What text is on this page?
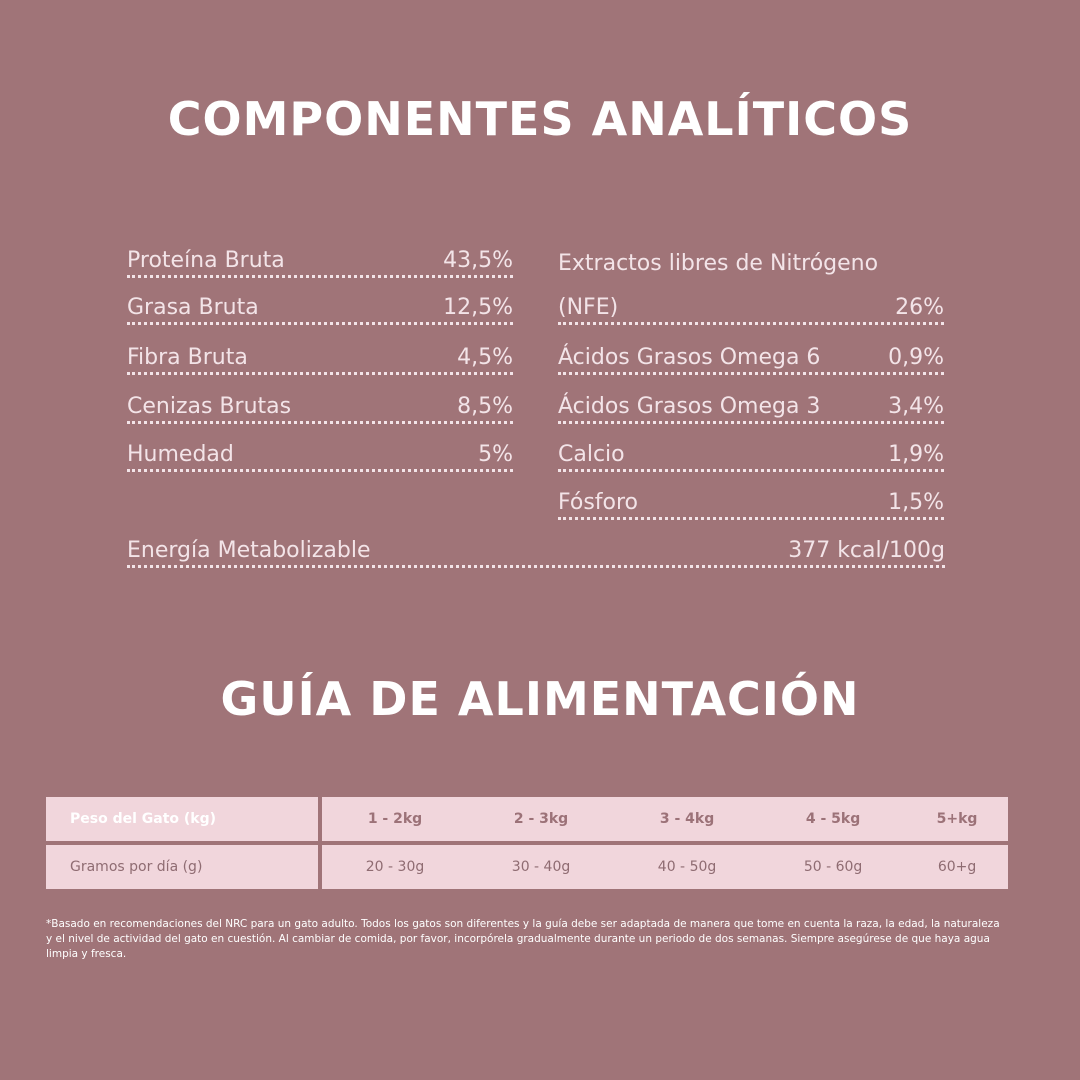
COMPONENTES ANALÍTICOS
Proteína Bruta	43,5%
Grasa Bruta	12,5%
Fibra Bruta	4,5%
Cenizas Brutas	8,5%
Humedad	5%
Extractos libres de Nitrógeno
(NFE)	26%
Ácidos Grasos Omega 6	0,9%
Ácidos Grasos Omega 3	3,4%
Calcio	1,9%
Fósforo	1,5%
Energía Metabolizable	377 kcal/100g
GUÍA DE ALIMENTACIÓN
Peso del Gato (kg)	1 - 2kg	2 - 3kg	3 - 4kg	4 - 5kg	5+kg
Gramos por día (g)	20 - 30g	30 - 40g	40 - 50g	50 - 60g	60+g

*Basado en recomendaciones del NRC para un gato adulto. Todos los gatos son diferentes y la guía debe ser adaptada de manera que tome en cuenta la raza, la edad, la naturaleza y el nivel de actividad del gato en cuestión. Al cambiar de comida, por favor, incorpórela gradualmente durante un periodo de dos semanas. Siempre asegúrese de que haya agua limpia y fresca.
